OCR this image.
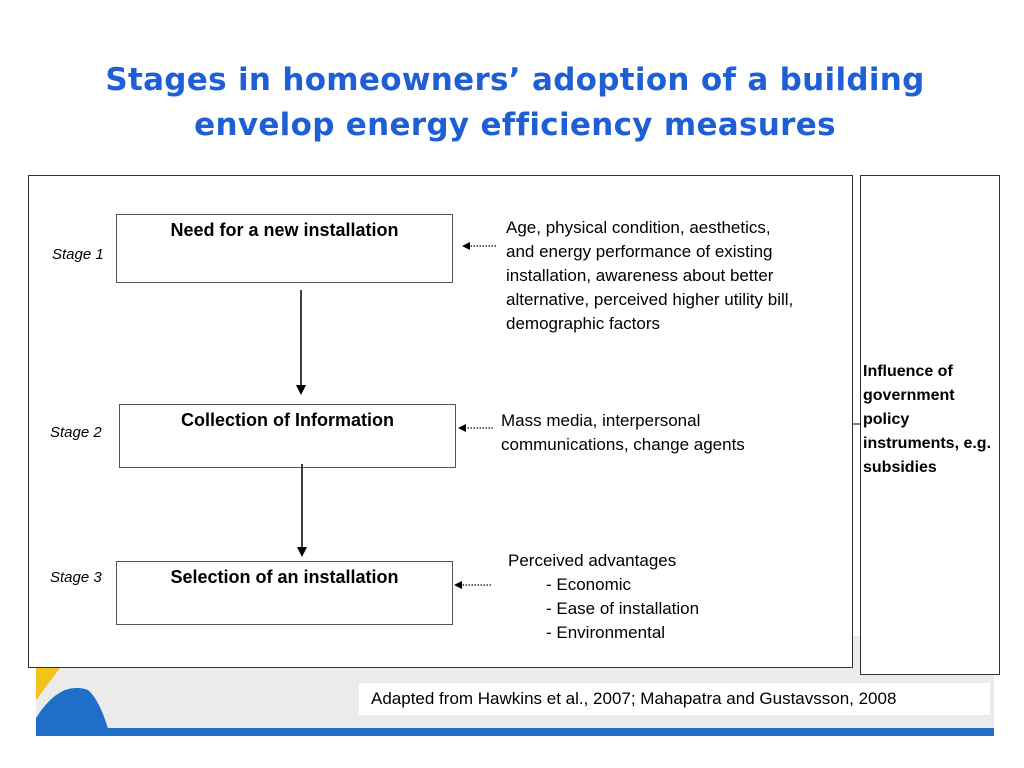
Stages in homeowners’ adoption of a building
envelop energy efficiency measures
Influence of government policy instruments, e.g. subsidies
Stage 1
Stage 2
Stage 3
Need for a new installation
Collection of Information
Selection of an installation
Age, physical condition, aesthetics,
and energy performance of existing
installation, awareness about better
alternative, perceived higher utility bill,
demographic factors
Mass media, interpersonal
communications, change agents
Perceived advantages
- Economic
- Ease of installation
- Environmental
Adapted from Hawkins et al., 2007; Mahapatra and Gustavsson, 2008
